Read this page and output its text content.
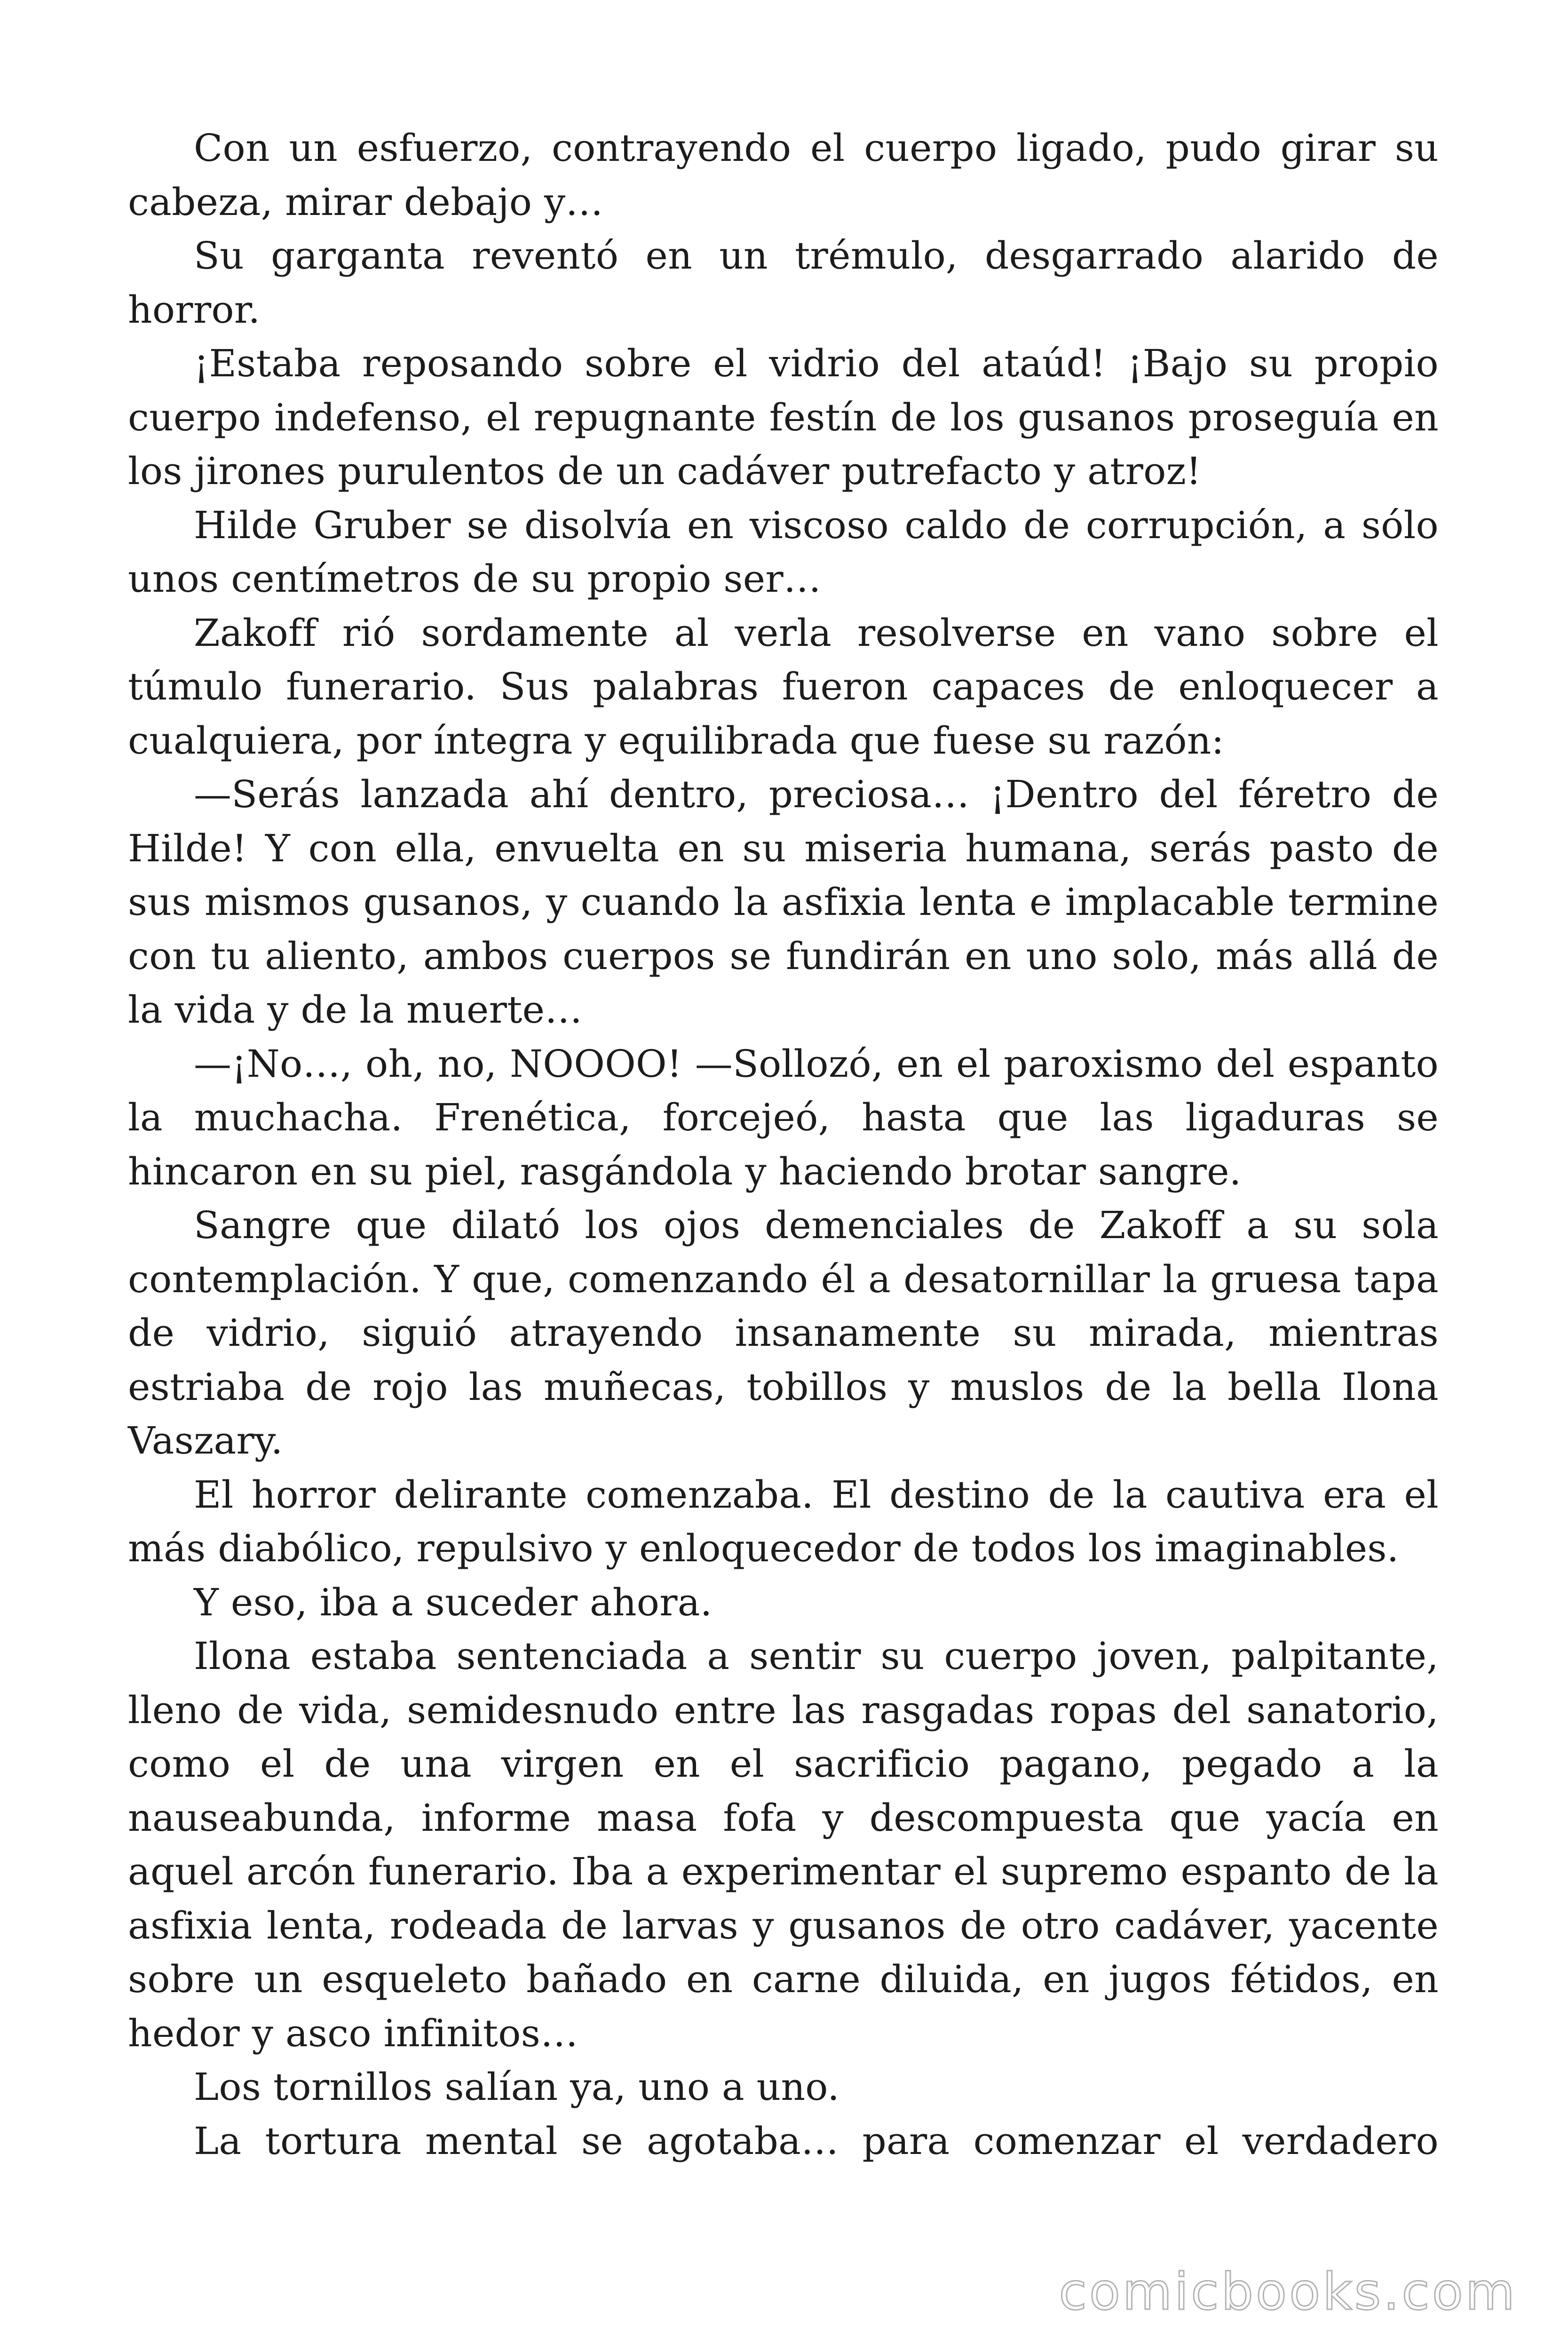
Con un esfuerzo, contrayendo el cuerpo ligado, pudo girar su cabeza, mirar debajo y…

Su garganta reventó en un trémulo, desgarrado alarido de horror.

¡Estaba reposando sobre el vidrio del ataúd! ¡Bajo su propio cuerpo indefenso, el repugnante festín de los gusanos proseguía en los jirones purulentos de un cadáver putrefacto y atroz!

Hilde Gruber se disolvía en viscoso caldo de corrupción, a sólo unos centímetros de su propio ser…

Zakoff rió sordamente al verla resolverse en vano sobre el túmulo funerario. Sus palabras fueron capaces de enloquecer a cualquiera, por íntegra y equilibrada que fuese su razón:

—Serás lanzada ahí dentro, preciosa… ¡Dentro del féretro de Hilde! Y con ella, envuelta en su miseria humana, serás pasto de sus mismos gusanos, y cuando la asfixia lenta e implacable termine con tu aliento, ambos cuerpos se fundirán en uno solo, más allá de la vida y de la muerte…

—¡No…, oh, no, NOOOO! —Sollozó, en el paroxismo del espanto la muchacha. Frenética, forcejeó, hasta que las ligaduras se hincaron en su piel, rasgándola y haciendo brotar sangre.

Sangre que dilató los ojos demenciales de Zakoff a su sola contemplación. Y que, comenzando él a desatornillar la gruesa tapa de vidrio, siguió atrayendo insanamente su mirada, mientras estriaba de rojo las muñecas, tobillos y muslos de la bella Ilona Vaszary.

El horror delirante comenzaba. El destino de la cautiva era el más diabólico, repulsivo y enloquecedor de todos los imaginables.

Y eso, iba a suceder ahora.

Ilona estaba sentenciada a sentir su cuerpo joven, palpitante, lleno de vida, semidesnudo entre las rasgadas ropas del sanatorio, como el de una virgen en el sacrificio pagano, pegado a la nauseabunda, informe masa fofa y descompuesta que yacía en aquel arcón funerario. Iba a experimentar el supremo espanto de la asfixia lenta, rodeada de larvas y gusanos de otro cadáver, yacente sobre un esqueleto bañado en carne diluida, en jugos fétidos, en hedor y asco infinitos…

Los tornillos salían ya, uno a uno.

La tortura mental se agotaba… para comenzar el verdadero

comicbooks.com
